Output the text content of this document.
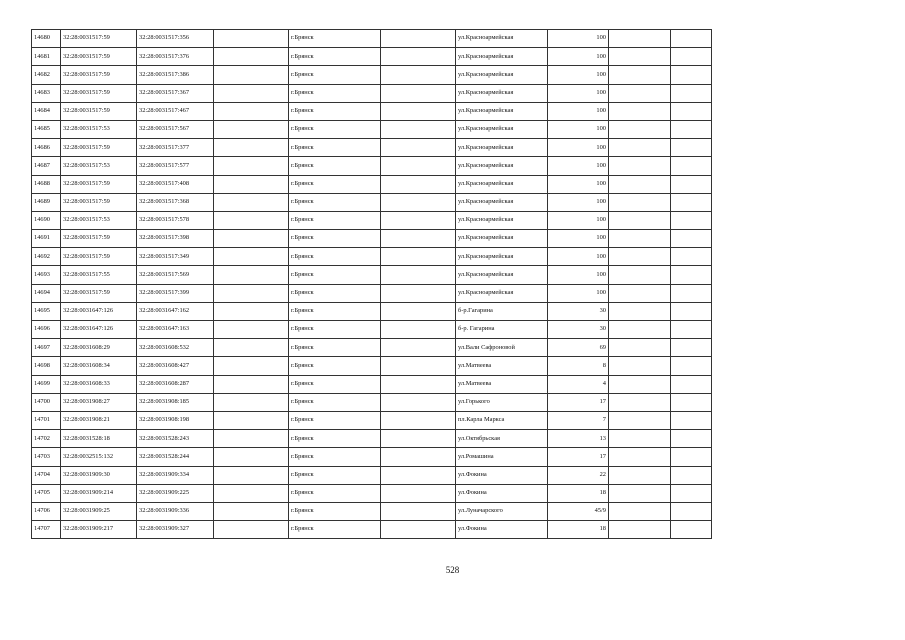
14680	32:28:0031517:59	32:28:0031517:356		г.Брянск		ул.Красноармейская	100		
14681	32:28:0031517:59	32:28:0031517:376		г.Брянск		ул.Красноармейская	100		
14682	32:28:0031517:59	32:28:0031517:386		г.Брянск		ул.Красноармейская	100		
14683	32:28:0031517:59	32:28:0031517:367		г.Брянск		ул.Красноармейская	100		
14684	32:28:0031517:59	32:28:0031517:467		г.Брянск		ул.Красноармейская	100		
14685	32:28:0031517:53	32:28:0031517:567		г.Брянск		ул.Красноармейская	100		
14686	32:28:0031517:59	32:28:0031517:377		г.Брянск		ул.Красноармейская	100		
14687	32:28:0031517:53	32:28:0031517:577		г.Брянск		ул.Красноармейская	100		
14688	32:28:0031517:59	32:28:0031517:408		г.Брянск		ул.Красноармейская	100		
14689	32:28:0031517:59	32:28:0031517:368		г.Брянск		ул.Красноармейская	100		
14690	32:28:0031517:53	32:28:0031517:578		г.Брянск		ул.Красноармейская	100		
14691	32:28:0031517:59	32:28:0031517:398		г.Брянск		ул.Красноармейская	100		
14692	32:28:0031517:59	32:28:0031517:349		г.Брянск		ул.Красноармейская	100		
14693	32:28:0031517:55	32:28:0031517:569		г.Брянск		ул.Красноармейская	100		
14694	32:28:0031517:59	32:28:0031517:399		г.Брянск		ул.Красноармейская	100		
14695	32:28:0031647:126	32:28:0031647:162		г.Брянск		б-р.Гагарина	30		
14696	32:28:0031647:126	32:28:0031647:163		г.Брянск		б-р. Гагарина	30		
14697	32:28:0031608:29	32:28:0031608:532		г.Брянск		ул.Вали Сафроновой	69		
14698	32:28:0031608:34	32:28:0031608:427		г.Брянск		ул.Матвеева	8		
14699	32:28:0031608:33	32:28:0031608:287		г.Брянск		ул.Матвеева	4		
14700	32:28:0031908:27	32:28:0031908:185		г.Брянск		ул.Горького	17		
14701	32:28:0031908:21	32:28:0031908:198		г.Брянск		пл.Карла Маркса	7		
14702	32:28:0031528:18	32:28:0031528:243		г.Брянск		ул.Октябрьская	13		
14703	32:28:0032515:132	32:28:0031528:244		г.Брянск		ул.Ромашина	17		
14704	32:28:0031909:30	32:28:0031909:334		г.Брянск		ул.Фокина	22		
14705	32:28:0031909:214	32:28:0031909:225		г.Брянск		ул.Фокина	18		
14706	32:28:0031909:25	32:28:0031909:336		г.Брянск		ул.Луначарского	45/9		
14707	32:28:0031909:217	32:28:0031909:327		г.Брянск		ул.Фокина	18		
528
